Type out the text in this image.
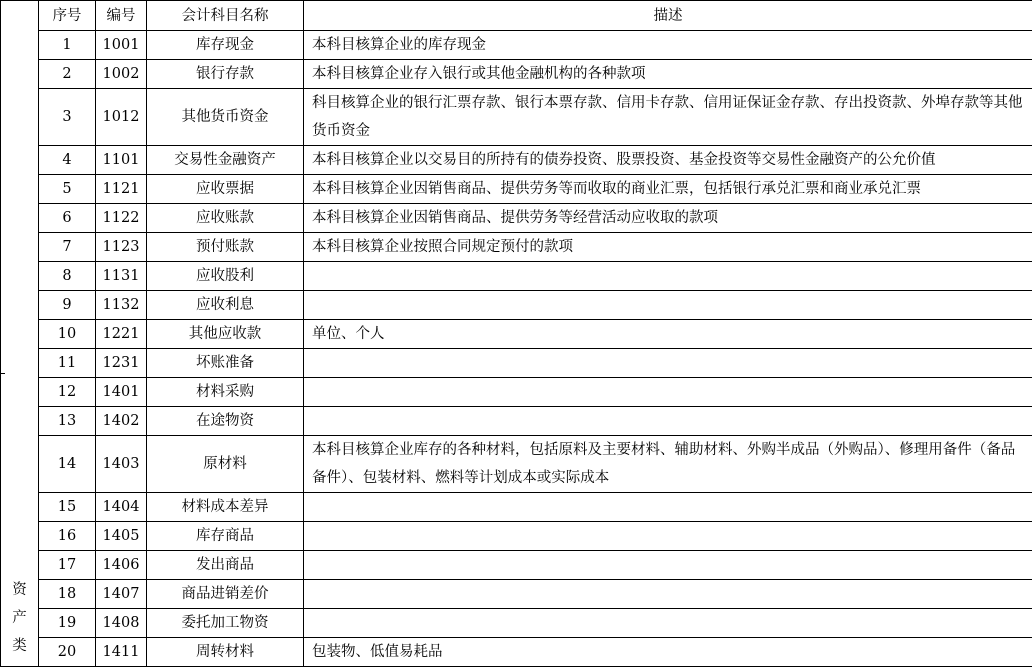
资
产
类	序号	编号	会计科目名称	描述
	1	1001	库存现金	本科目核算企业的库存现金
	2	1002	银行存款	本科目核算企业存入银行或其他金融机构的各种款项
	3	1012	其他货币资金	科目核算企业的银行汇票存款、银行本票存款、信用卡存款、信用证保证金存款、存出投资款、外埠存款等其他货币资金
	4	1101	交易性金融资产	本科目核算企业以交易目的所持有的债券投资、股票投资、基金投资等交易性金融资产的公允价值
	5	1121	应收票据	本科目核算企业因销售商品、提供劳务等而收取的商业汇票，包括银行承兑汇票和商业承兑汇票
	6	1122	应收账款	本科目核算企业因销售商品、提供劳务等经营活动应收取的款项
	7	1123	预付账款	本科目核算企业按照合同规定预付的款项
	8	1131	应收股利	
	9	1132	应收利息	
	10	1221	其他应收款	单位、个人
	11	1231	坏账准备	
	12	1401	材料采购	
	13	1402	在途物资	
	14	1403	原材料	本科目核算企业库存的各种材料，包括原料及主要材料、辅助材料、外购半成品（外购品）、修理用备件（备品备件）、包装材料、燃料等计划成本或实际成本
	15	1404	材料成本差异	
	16	1405	库存商品	
	17	1406	发出商品	
	18	1407	商品进销差价	
	19	1408	委托加工物资	
	20	1411	周转材料	包装物、低值易耗品
